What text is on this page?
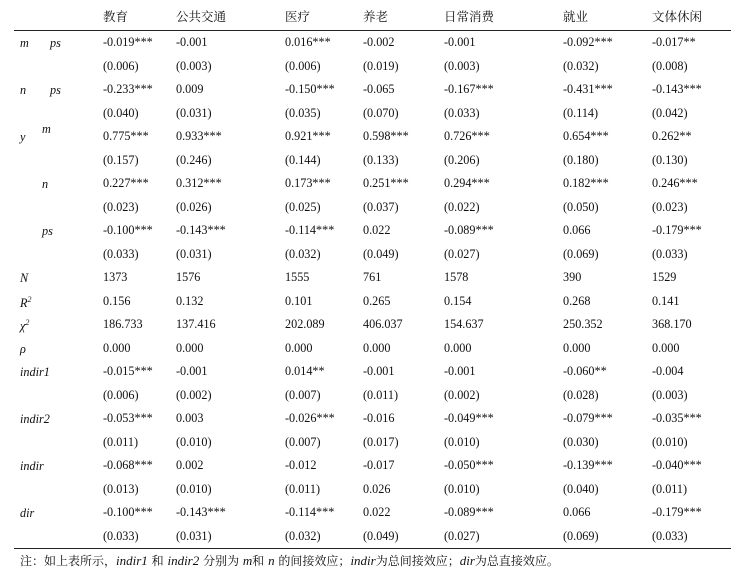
	教育	公共交通	医疗	养老	日常消费	就业	文体休闲

m ps	-0.019***	-0.001	0.016***	-0.002	-0.001	-0.092***	-0.017**
	(0.006)	(0.003)	(0.006)	(0.019)	(0.003)	(0.032)	(0.008)

n ps	-0.233***	0.009	-0.150***	-0.065	-0.167***	-0.431***	-0.143***
	(0.040)	(0.031)	(0.035)	(0.070)	(0.033)	(0.114)	(0.042)

y
m	0.775***	0.933***	0.921***	0.598***	0.726***	0.654***	0.262**
	(0.157)	(0.246)	(0.144)	(0.133)	(0.206)	(0.180)	(0.130)

n	0.227***	0.312***	0.173***	0.251***	0.294***	0.182***	0.246***
	(0.023)	(0.026)	(0.025)	(0.037)	(0.022)	(0.050)	(0.023)

ps	-0.100***	-0.143***	-0.114***	0.022	-0.089***	0.066	-0.179***
	(0.033)	(0.031)	(0.032)	(0.049)	(0.027)	(0.069)	(0.033)

N	1373	1576	1555	761	1578	390	1529

$R^2$	0.156	0.132	0.101	0.265	0.154	0.268	0.141

$\chi^2$	186.733	137.416	202.089	406.037	154.637	250.352	368.170

ρ	0.000	0.000	0.000	0.000	0.000	0.000	0.000

indir1	-0.015***	-0.001	0.014**	-0.001	-0.001	-0.060**	-0.004
	(0.006)	(0.002)	(0.007)	(0.011)	(0.002)	(0.028)	(0.003)

indir2	-0.053***	0.003	-0.026***	-0.016	-0.049***	-0.079***	-0.035***
	(0.011)	(0.010)	(0.007)	(0.017)	(0.010)	(0.030)	(0.010)

indir	-0.068***	0.002	-0.012	-0.017	-0.050***	-0.139***	-0.040***
	(0.013)	(0.010)	(0.011)	0.026	(0.010)	(0.040)	(0.011)

dir	-0.100***	-0.143***	-0.114***	0.022	-0.089***	0.066	-0.179***
	(0.033)	(0.031)	(0.032)	(0.049)	(0.027)	(0.069)	(0.033)
注：如上表所示，indir1 和 indir2 分别为 m和 n 的间接效应；indir为总间接效应；dir为总直接效应。
